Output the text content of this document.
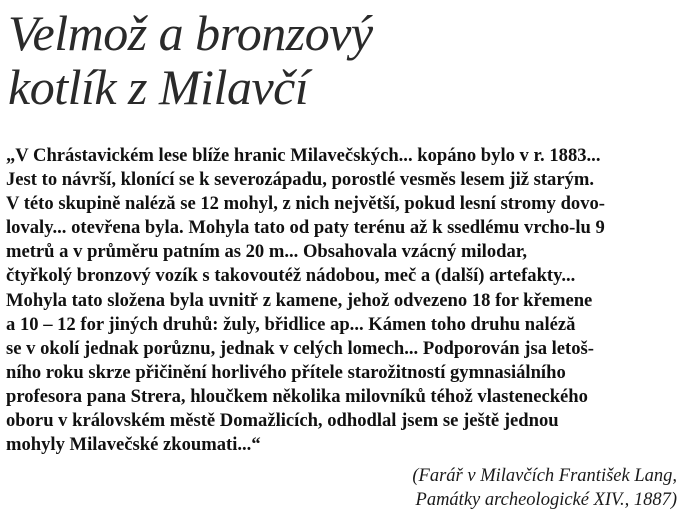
Velmož a bronzový
kotlík z Milavčí
„V Chrástavickém lese blíže hranic Milavečských... kopáno bylo v r. 1883...
Jest to návrší, klonící se k severozápadu, porostlé vesměs lesem již starým.
V této skupině naléză se 12 mohyl, z nich největší, pokud lesní stromy dovo-
lovaly... otevřena byla. Mohyla tato od paty terénu až k ssedlému vrcho-lu 9
metrů a v průměru patním as 20 m... Obsahovala vzácný milodar,
čtyřkolý bronzový vozík s takovoutéž nádobou, meč a (další) artefakty...
Mohyla tato složena byla uvnitř z kamene, jehož odvezeno 18 for křemene
a 10 – 12 for jiných druhů: žuly, břidlice ap... Kámen toho druhu naléză
se v okolí jednak porůznu, jednak v celých lomech... Podporován jsa letoš-
ního roku skrze přičinění horlivého přítele starožitností gymnasiálního
profesora pana Strera, hloučkem několika milovníků téhož vlasteneckého
oboru v královském městě Domažlicích, odhodlal jsem se ještě jednou
mohyly Milavečské zkoumati...“
(Farář v Milavčích František Lang,
Památky archeologické XIV., 1887)
